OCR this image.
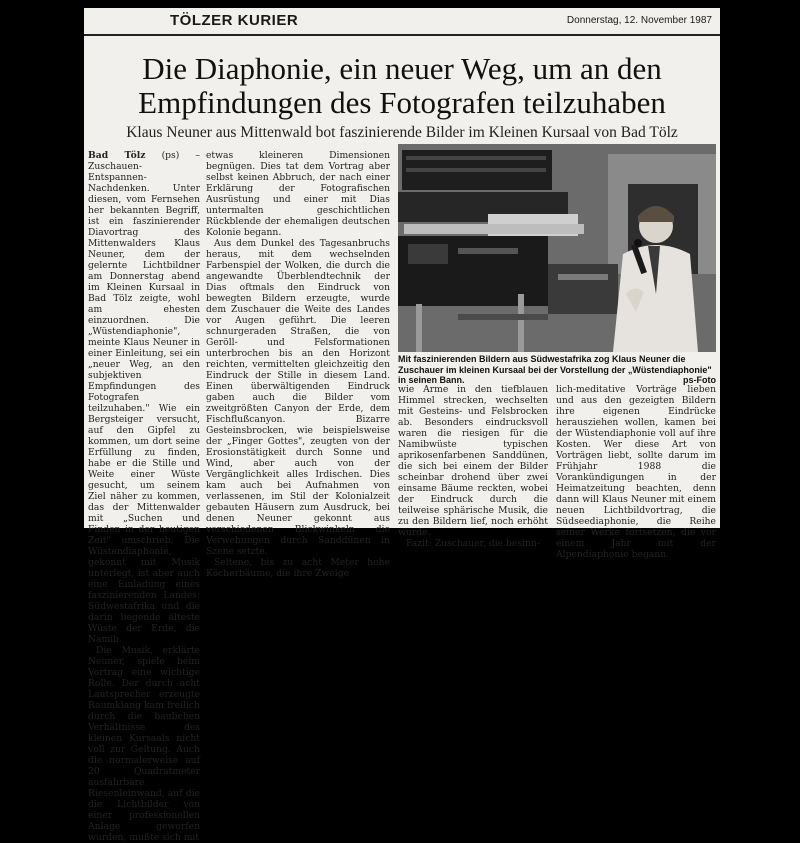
TÖLZER KURIER	Donnerstag, 12. November 1987
Die Diaphonie, ein neuer Weg, um an den
Empfindungen des Fotografen teilzuhaben
Klaus Neuner aus Mittenwald bot faszinierende Bilder im Kleinen Kursaal von Bad Tölz

Bad Tölz (ps) – Zuschauen-Entspannen-Nachdenken. Unter diesen, vom Fernsehen her bekannten Begriff, ist ein faszinierender Diavortrag des Mittenwalders Klaus Neuner, dem der gelernte Lichtbildner am Donnerstag abend im Kleinen Kursaal in Bad Tölz zeigte, wohl am ehesten einzuordnen. Die „Wüstendiaphonie", meinte Klaus Neuner in einer Einleitung, sei ein „neuer Weg, an den subjektiven Empfindungen des Fotografen teilzuhaben." Wie ein Bergsteiger versucht, auf den Gipfel zu kommen, um dort seine Erfüllung zu finden, habe er die Stille und Weite einer Wüste gesucht, um seinem Ziel näher zu kommen, das der Mittenwalder mit „Suchen und Finden in der heutigen Zeit" umschrieb. Die Wüstendiaphonie, gekonnt mit Musik unterlegt, ist aber auch eine Einladung eines faszinierenden Landes: Südwestafrika und die darin liegende älteste Wüste der Erde, die Namib.

Die Musik, erklärte Neuner, spiele beim Vortrag eine wichtige Rolle. Der durch acht Lautsprecher erzeugte Raumklang kam freilich durch die baulichen Verhältnisse des kleinen Kursaals nicht voll zur Geltung. Auch die normalerweise auf 20 Quadratmeter ausfahrbare Riesenleinwand, auf die die Lichtbilder von einer professionellen Anlage geworfen wurden, mußte sich mit

etwas kleineren Dimensionen begnügen. Dies tat dem Vortrag aber selbst keinen Abbruch, der nach einer Erklärung der Fotografischen Ausrüstung und einer mit Dias untermalten geschichtlichen Rückblende der ehemaligen deutschen Kolonie begann.

Aus dem Dunkel des Tagesanbruchs heraus, mit dem wechselnden Farbenspiel der Wolken, die durch die angewandte Überblendtechnik der Dias oftmals den Eindruck von bewegten Bildern erzeugte, wurde dem Zuschauer die Weite des Landes vor Augen geführt. Die leeren schnurgeraden Straßen, die von Geröll- und Felsformationen unterbrochen bis an den Horizont reichten, vermittelten gleichzeitig den Eindruck der Stille in diesem Land. Einen überwältigenden Eindruck gaben auch die Bilder vom zweitgrößten Canyon der Erde, dem Fischflußcanyon. Bizarre Gesteinsbrocken, wie beispielsweise der „Finger Gottes", zeugten von der Erosionstätigkeit durch Sonne und Wind, aber auch von der Vergänglichkeit alles Irdischen. Dies kam auch bei Aufnahmen von verlassenen, im Stil der Kolonialzeit gebauten Häusern zum Ausdruck, bei denen Neuner gekonnt aus verschiedenen Blickwinkeln die Verwehungen durch Sanddünen in Szene setzte.

Seltene, bis zu acht Meter hohe Köcherbäume, die ihre Zweige

Mit faszinierenden Bildern aus Südwestafrika zog Klaus Neuner die Zuschauer im kleinen Kursaal bei der Vorstellung der „Wüstendiaphonie" in seinen Bann.	ps-Foto

wie Arme in den tiefblauen Himmel strecken, wechselten mit Gesteins- und Felsbrocken ab. Besonders eindrucksvoll waren die riesigen für die Namibwüste typischen aprikosenfarbenen Sanddünen, die sich bei einem der Bilder scheinbar drohend über zwei einsame Bäume reckten, wobei der Eindruck durch die teilweise sphärische Musik, die zu den Bildern lief, noch erhöht wurde.

Fazit: Zuschauer, die besinn-

lich-meditative Vorträge lieben und aus den gezeigten Bildern ihre eigenen Eindrücke herausziehen wollen, kamen bei der Wüstendiaphonie voll auf ihre Kosten. Wer diese Art von Vorträgen liebt, sollte darum im Frühjahr 1988 die Vorankündigungen in der Heimatzeitung beachten, denn dann will Klaus Neuner mit einem neuen Lichtbildvortrag, die Südseediaphonie, die Reihe seiner Werke fortsetzen, die vor einem Jahr mit der Alpendiaphonie begann.
